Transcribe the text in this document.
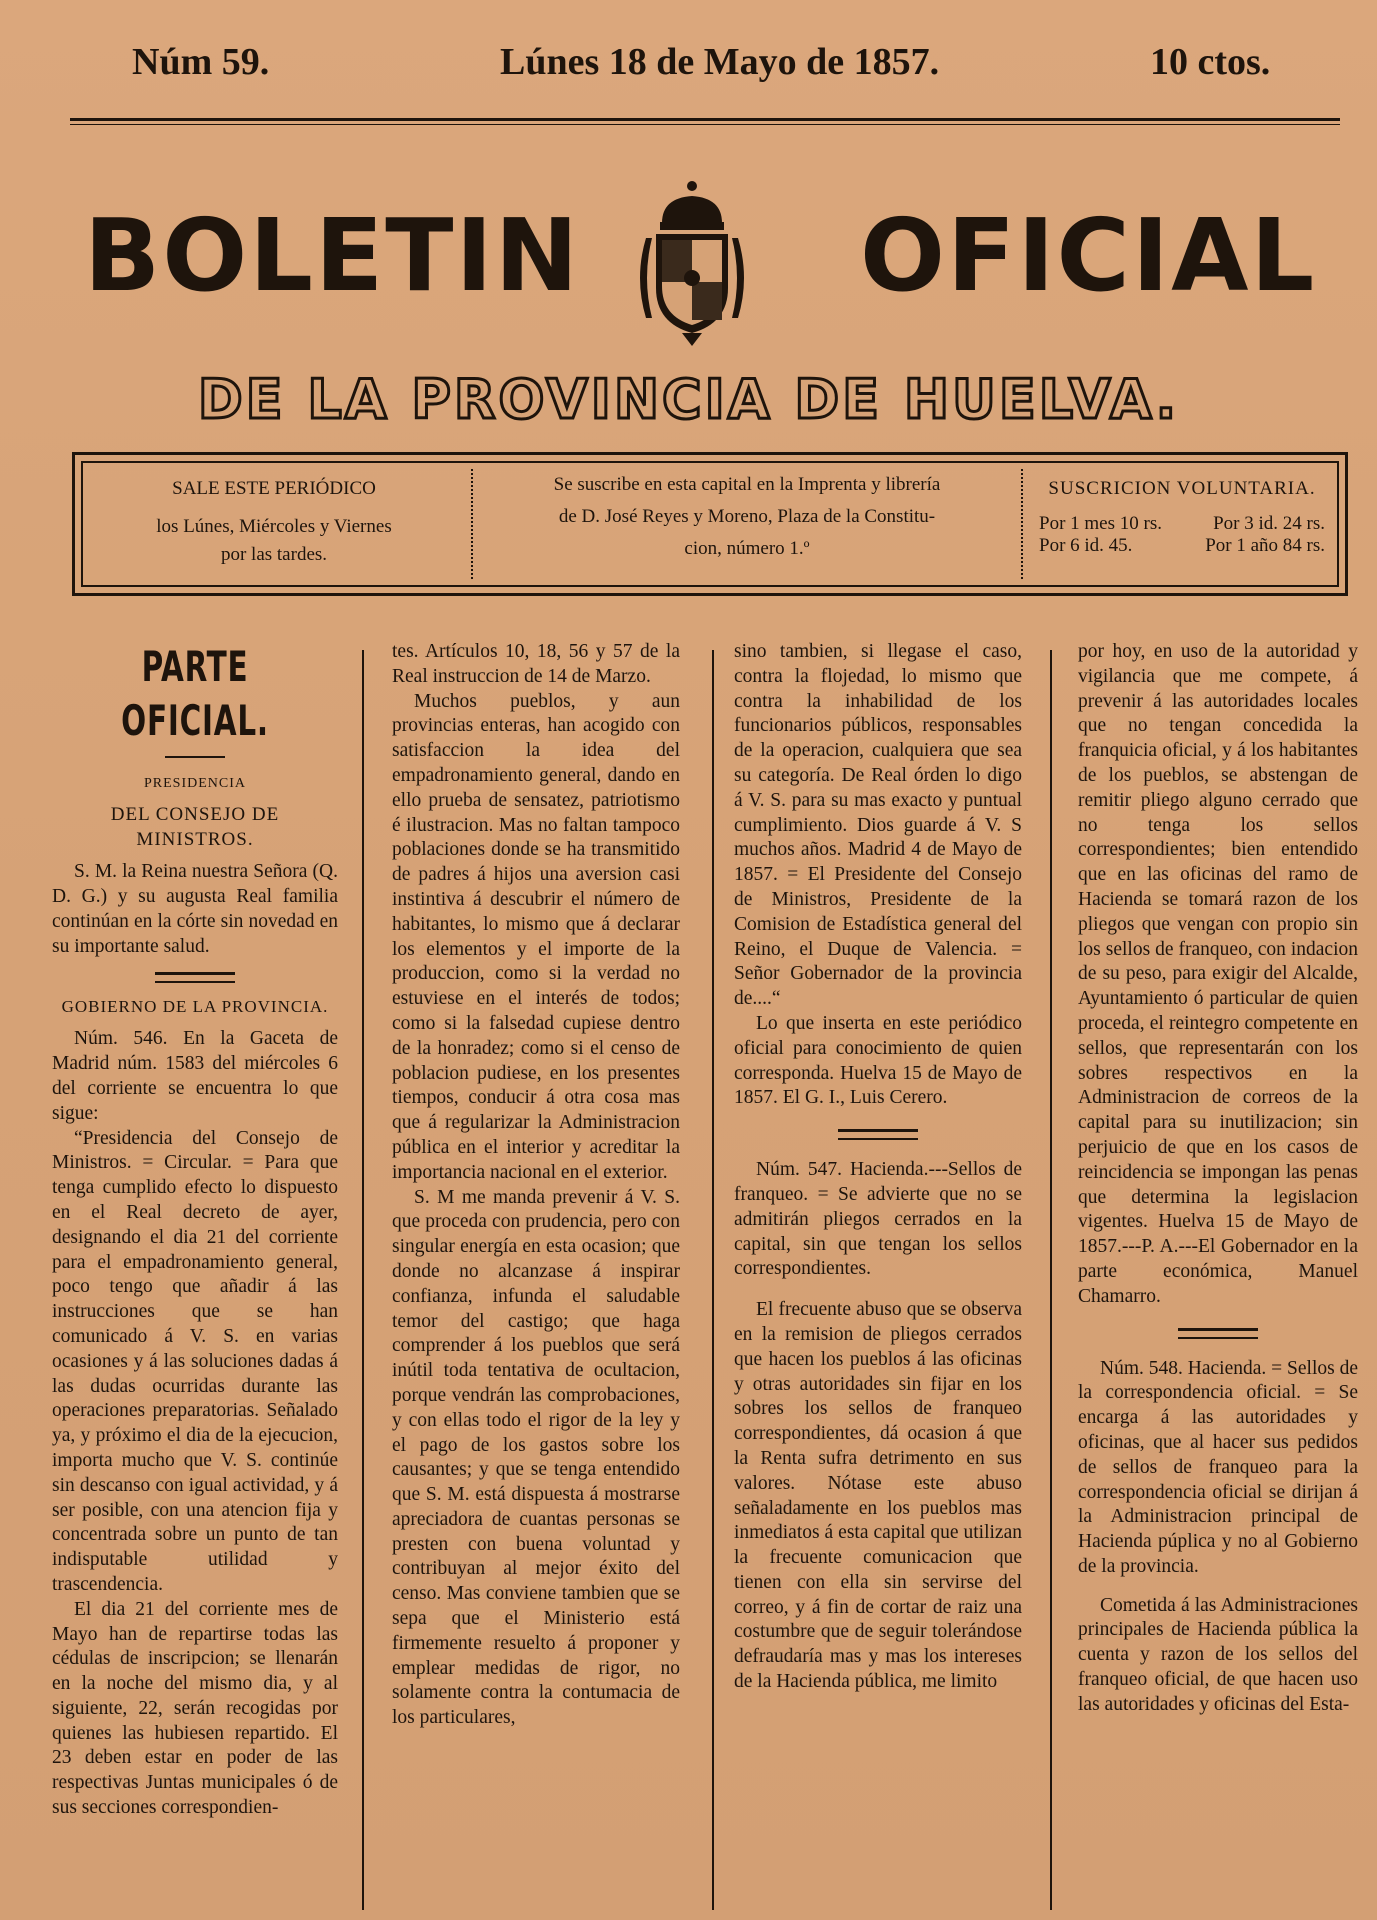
Núm 59.	Lúnes 18 de Mayo de 1857.	10 ctos.
BOLETIN	OFICIAL
DE LA PROVINCIA DE HUELVA.
SALE ESTE PERIÓDICO
los Lúnes, Miércoles y Viernes
por las tardes.
Se suscribe en esta capital en la Imprenta y librería
de D. José Reyes y Moreno, Plaza de la Constitu-
cion, número 1.º
SUSCRICION VOLUNTARIA.
Por 1 mes 10 rs.	Por 3 id. 24 rs.
Por 6 id. 45.	Por 1 año 84 rs.
PARTE OFICIAL.

PRESIDENCIA

DEL CONSEJO DE MINISTROS.

S. M. la Reina nuestra Señora (Q. D. G.) y su augusta Real familia continúan en la córte sin novedad en su importante salud.

GOBIERNO DE LA PROVINCIA.

Núm. 546. En la Gaceta de Madrid núm. 1583 del miércoles 6 del corriente se encuentra lo que sigue:

“Presidencia del Consejo de Ministros. = Circular. = Para que tenga cumplido efecto lo dispuesto en el Real decreto de ayer, designando el dia 21 del corriente para el empadronamiento general, poco tengo que añadir á las instrucciones que se han comunicado á V. S. en varias ocasiones y á las soluciones dadas á las dudas ocurridas durante las operaciones preparatorias. Señalado ya, y próximo el dia de la ejecucion, importa mucho que V. S. continúe sin descanso con igual actividad, y á ser posible, con una atencion fija y concentrada sobre un punto de tan indisputable utilidad y trascendencia.

El dia 21 del corriente mes de Mayo han de repartirse todas las cédulas de inscripcion; se llenarán en la noche del mismo dia, y al siguiente, 22, serán recogidas por quienes las hubiesen repartido. El 23 deben estar en poder de las respectivas Juntas municipales ó de sus secciones correspondien-

tes. Artículos 10, 18, 56 y 57 de la Real instruccion de 14 de Marzo.

Muchos pueblos, y aun provincias enteras, han acogido con satisfaccion la idea del empadronamiento general, dando en ello prueba de sensatez, patriotismo é ilustracion. Mas no faltan tampoco poblaciones donde se ha transmitido de padres á hijos una aversion casi instintiva á descubrir el número de habitantes, lo mismo que á declarar los elementos y el importe de la produccion, como si la verdad no estuviese en el interés de todos; como si la falsedad cupiese dentro de la honradez; como si el censo de poblacion pudiese, en los presentes tiempos, conducir á otra cosa mas que á regularizar la Administracion pública en el interior y acreditar la importancia nacional en el exterior.

S. M me manda prevenir á V. S. que proceda con prudencia, pero con singular energía en esta ocasion; que donde no alcanzase á inspirar confianza, infunda el saludable temor del castigo; que haga comprender á los pueblos que será inútil toda tentativa de ocultacion, porque vendrán las comprobaciones, y con ellas todo el rigor de la ley y el pago de los gastos sobre los causantes; y que se tenga entendido que S. M. está dispuesta á mostrarse apreciadora de cuantas personas se presten con buena voluntad y contribuyan al mejor éxito del censo. Mas conviene tambien que se sepa que el Ministerio está firmemente resuelto á proponer y emplear medidas de rigor, no solamente contra la contumacia de los particulares,

sino tambien, si llegase el caso, contra la flojedad, lo mismo que contra la inhabilidad de los funcionarios públicos, responsables de la operacion, cualquiera que sea su categoría. De Real órden lo digo á V. S. para su mas exacto y puntual cumplimiento. Dios guarde á V. S muchos años. Madrid 4 de Mayo de 1857. = El Presidente del Consejo de Ministros, Presidente de la Comision de Estadística general del Reino, el Duque de Valencia. = Señor Gobernador de la provincia de....“

Lo que inserta en este periódico oficial para conocimiento de quien corresponda. Huelva 15 de Mayo de 1857. El G. I., Luis Cerero.

Núm. 547. Hacienda.---Sellos de franqueo. = Se advierte que no se admitirán pliegos cerrados en la capital, sin que tengan los sellos correspondientes.

El frecuente abuso que se observa en la remision de pliegos cerrados que hacen los pueblos á las oficinas y otras autoridades sin fijar en los sobres los sellos de franqueo correspondientes, dá ocasion á que la Renta sufra detrimento en sus valores. Nótase este abuso señaladamente en los pueblos mas inmediatos á esta capital que utilizan la frecuente comunicacion que tienen con ella sin servirse del correo, y á fin de cortar de raiz una costumbre que de seguir tolerándose defraudaría mas y mas los intereses de la Hacienda pública, me limito

por hoy, en uso de la autoridad y vigilancia que me compete, á prevenir á las autoridades locales que no tengan concedida la franquicia oficial, y á los habitantes de los pueblos, se abstengan de remitir pliego alguno cerrado que no tenga los sellos correspondientes; bien entendido que en las oficinas del ramo de Hacienda se tomará razon de los pliegos que vengan con propio sin los sellos de franqueo, con indacion de su peso, para exigir del Alcalde, Ayuntamiento ó particular de quien proceda, el reintegro competente en sellos, que representarán con los sobres respectivos en la Administracion de correos de la capital para su inutilizacion; sin perjuicio de que en los casos de reincidencia se impongan las penas que determina la legislacion vigentes. Huelva 15 de Mayo de 1857.---P. A.---El Gobernador en la parte económica, Manuel Chamarro.

Núm. 548. Hacienda. = Sellos de la correspondencia oficial. = Se encarga á las autoridades y oficinas, que al hacer sus pedidos de sellos de franqueo para la correspondencia oficial se dirijan á la Administracion principal de Hacienda púplica y no al Gobierno de la provincia.

Cometida á las Administraciones principales de Hacienda pública la cuenta y razon de los sellos del franqueo oficial, de que hacen uso las autoridades y oficinas del Esta-
